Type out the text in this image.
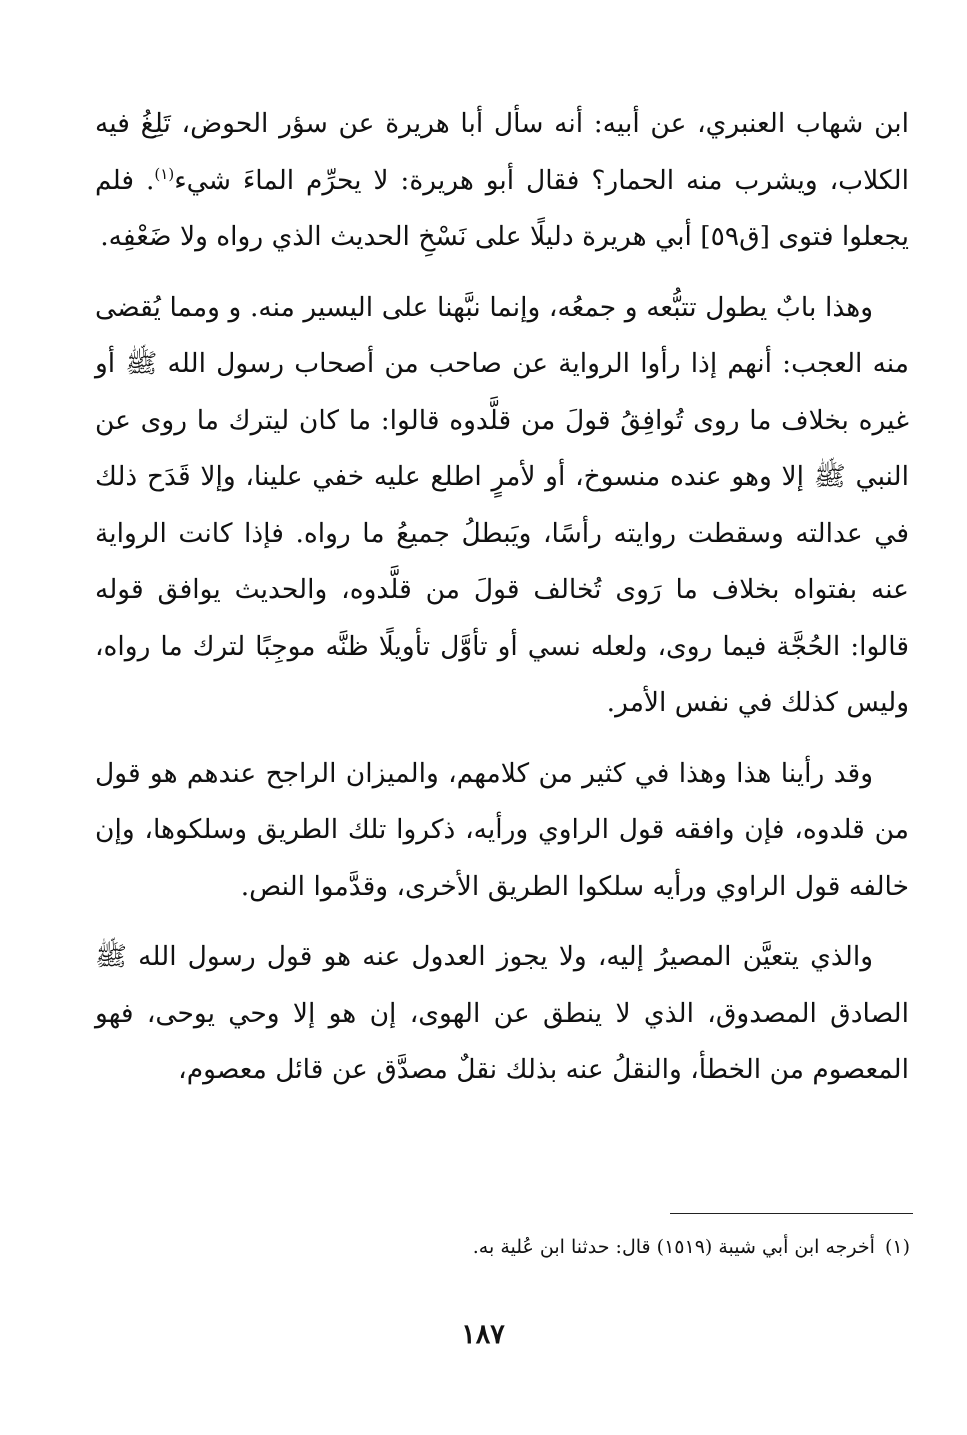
ابن شهاب العنبري، عن أبيه: أنه سأل أبا هريرة عن سؤر الحوض، تَلِغُ فيه الكلاب، ويشرب منه الحمار؟ فقال أبو هريرة: لا يحرِّم الماءَ شيء$^{(١)}$. فلم يجعلوا فتوى [ق٥٩] أبي هريرة دليلًا على نَسْخِ الحديث الذي رواه ولا ضَعْفِه.

وهذا بابٌ يطول تتبُّعه و جمعُه، وإنما نبَّهنا على اليسير منه. و ومما يُقضى منه العجب: أنهم إذا رأوا الرواية عن صاحب من أصحاب رسول الله ﷺ أو غيره بخلاف ما روى تُوافِقُ قولَ من قلَّدوه قالوا: ما كان ليترك ما روى عن النبي ﷺ إلا وهو عنده منسوخ، أو لأمرٍ اطلع عليه خفي علينا، وإلا قَدَح ذلك في عدالته وسقطت روايته رأسًا، ويَبطلُ جميعُ ما رواه. فإذا كانت الرواية عنه بفتواه بخلاف ما رَوى تُخالف قولَ من قلَّدوه، والحديث يوافق قوله قالوا: الحُجَّة فيما روى، ولعله نسي أو تأوَّل تأويلًا ظنَّه موجِبًا لترك ما رواه، وليس كذلك في نفس الأمر.

وقد رأينا هذا وهذا في كثير من كلامهم، والميزان الراجح عندهم هو قول من قلدوه، فإن وافقه قول الراوي ورأيه، ذكروا تلك الطريق وسلكوها، وإن خالفه قول الراوي ورأيه سلكوا الطريق الأخرى، وقدَّموا النص.

والذي يتعيَّن المصيرُ إليه، ولا يجوز العدول عنه هو قول رسول الله ﷺ الصادق المصدوق، الذي لا ينطق عن الهوى، إن هو إلا وحي يوحى، فهو المعصوم من الخطأ، والنقلُ عنه بذلك نقلٌ مصدَّق عن قائل معصوم،

(١)أخرجه ابن أبي شيبة (١٥١٩) قال: حدثنا ابن عُلية به.
١٨٧
